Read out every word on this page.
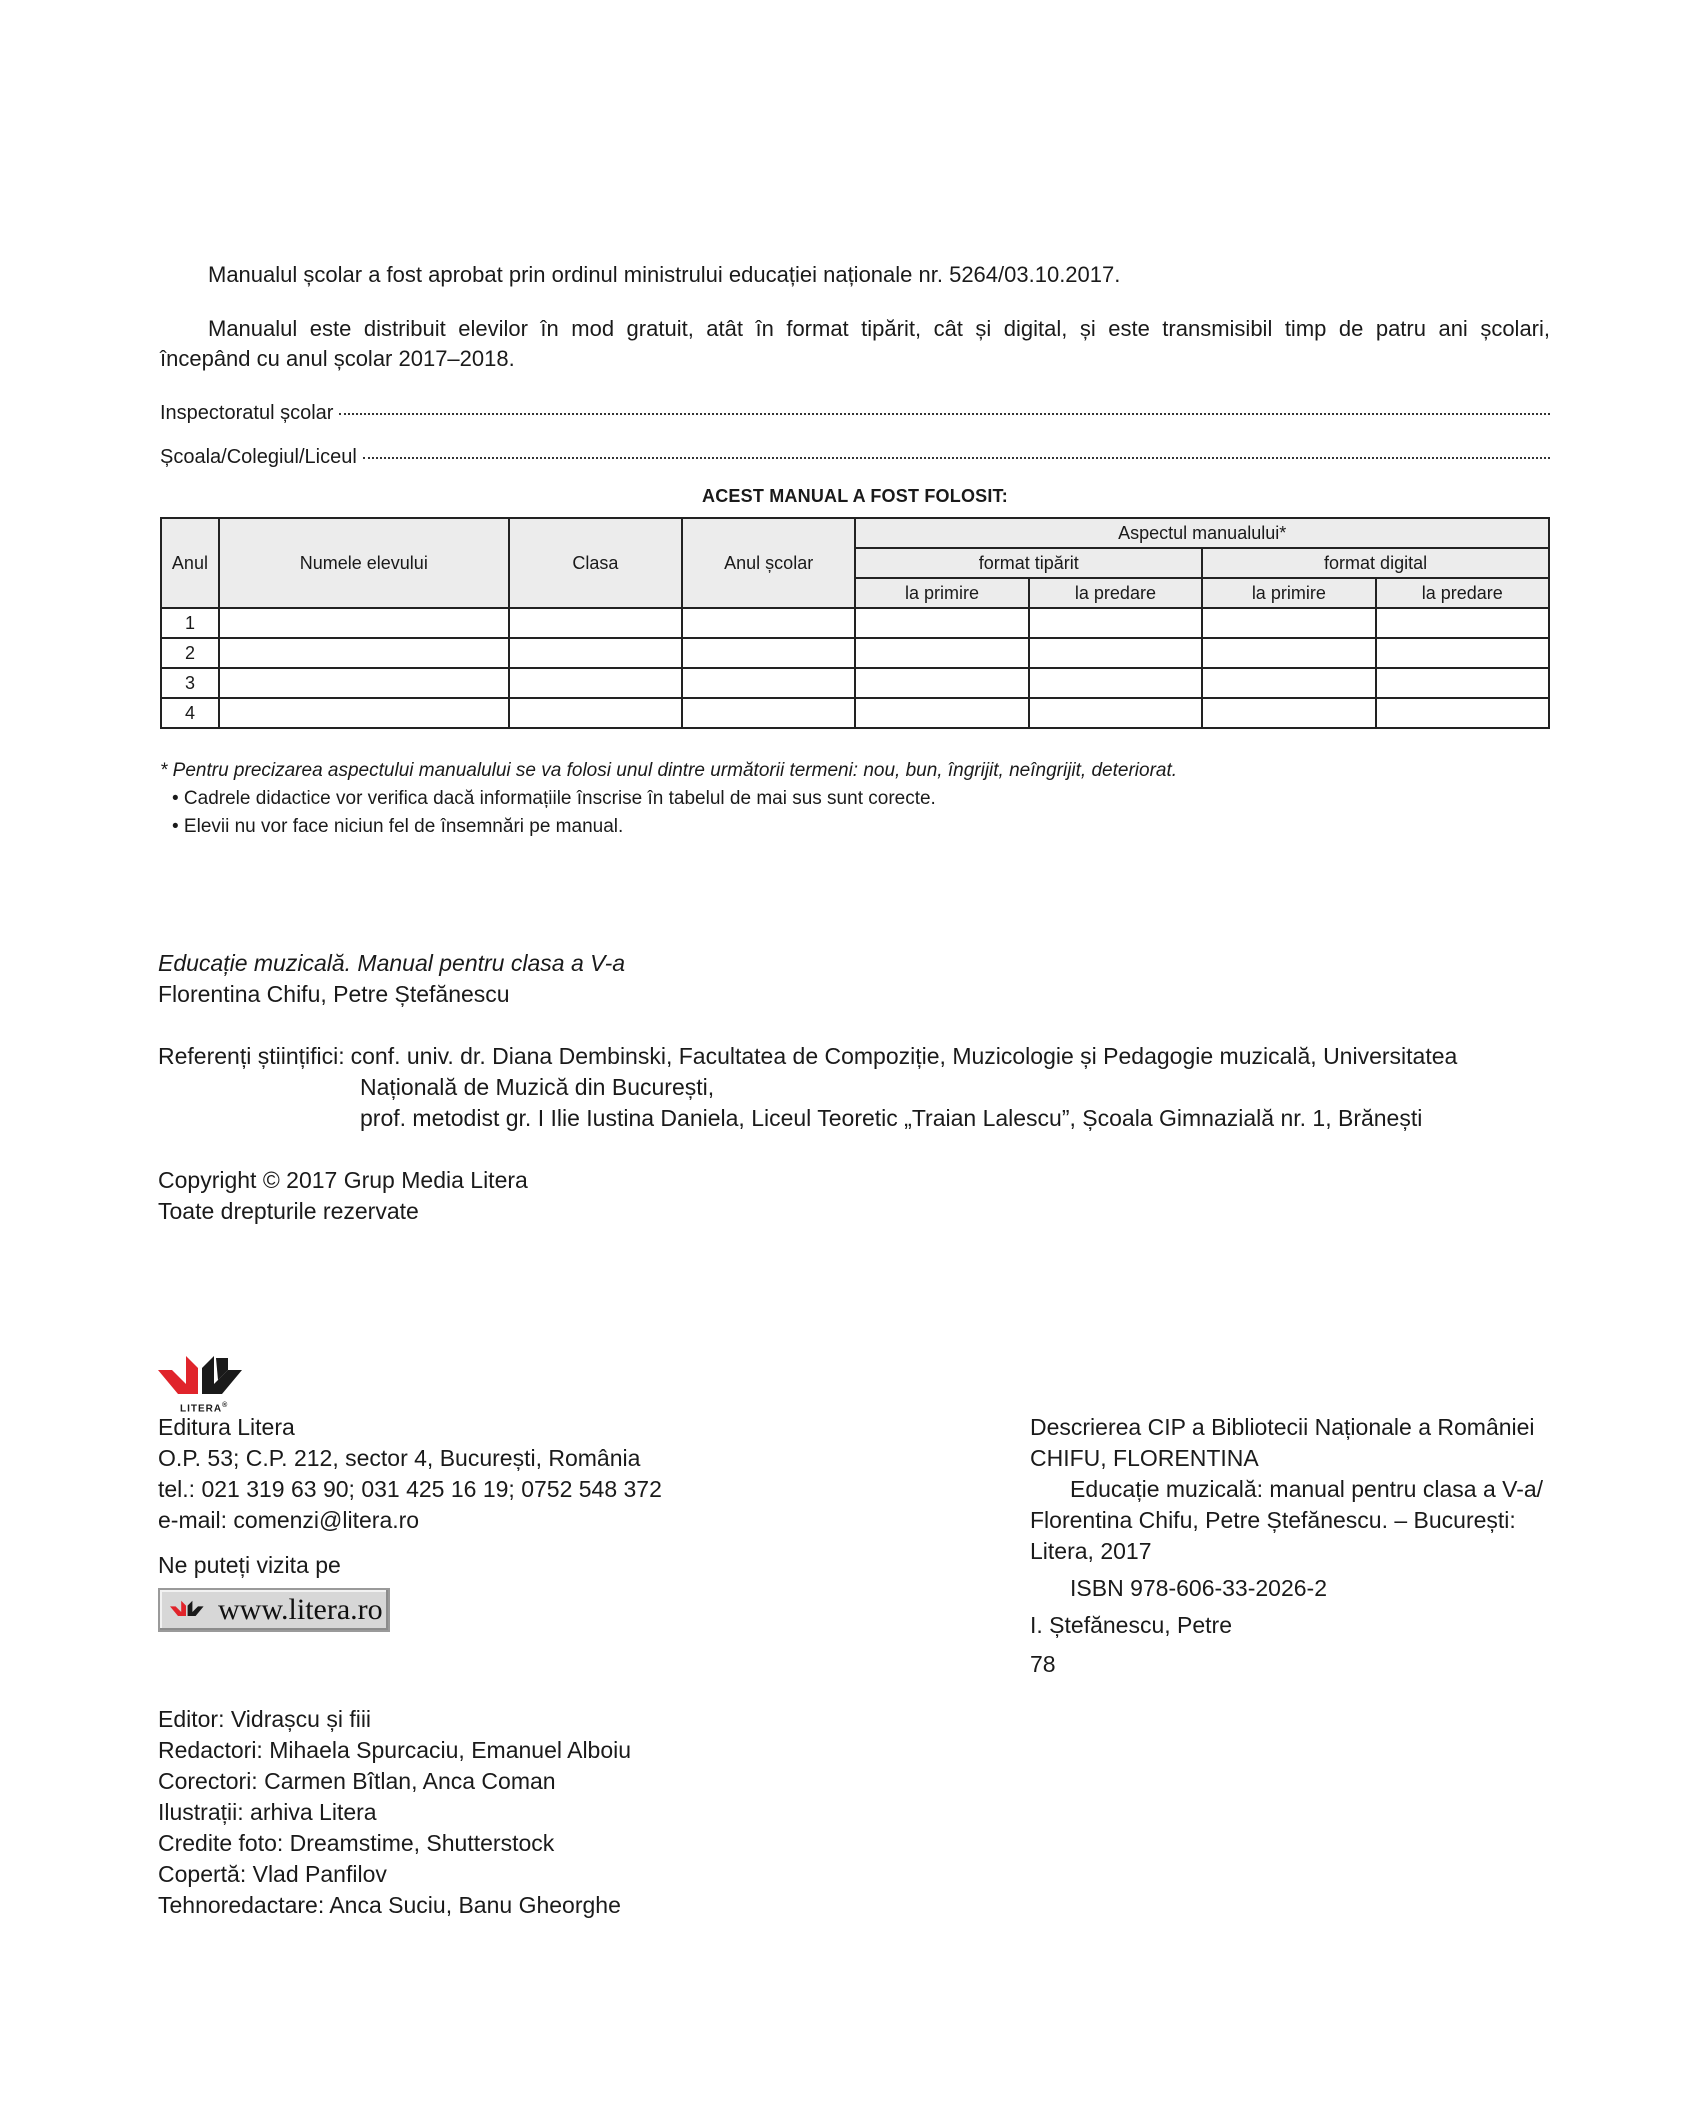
Manualul școlar a fost aprobat prin ordinul ministrului educației naționale nr. 5264/03.10.2017.
Manualul este distribuit elevilor în mod gratuit, atât în format tipărit, cât și digital, și este transmisibil timp de patru ani școlari,
începând cu anul școlar 2017–2018.
Inspectoratul școlar
Școala/Colegiul/Liceul
ACEST MANUAL A FOST FOLOSIT:
Anul	Numele elevului	Clasa	Anul școlar	Aspectul manualului*			
				format tipărit		format digital	
				la primire	la predare	la primire	la predare
1							
2							
3							
4							
* Pentru precizarea aspectului manualului se va folosi unul dintre următorii termeni: nou, bun, îngrijit, neîngrijit, deteriorat.
• Cadrele didactice vor verifica dacă informațiile înscrise în tabelul de mai sus sunt corecte.
• Elevii nu vor face niciun fel de însemnări pe manual.
Educație muzicală. Manual pentru clasa a V-a
Florentina Chifu, Petre Ștefănescu
Referenți științifici: conf. univ. dr. Diana Dembinski, Facultatea de Compoziție, Muzicologie și Pedagogie muzicală, Universitatea
Națională de Muzică din București,
prof. metodist gr. I Ilie Iustina Daniela, Liceul Teoretic „Traian Lalescu”, Școala Gimnazială nr. 1, Brănești
Copyright © 2017 Grup Media Litera
Toate drepturile rezervate
LITERA®
Editura Litera
O.P. 53; C.P. 212, sector 4, București, România
tel.: 021 319 63 90; 031 425 16 19; 0752 548 372
e-mail: comenzi@litera.ro
Ne puteți vizita pe
www.litera.ro
Descrierea CIP a Bibliotecii Naționale a României
CHIFU, FLORENTINA
Educație muzicală: manual pentru clasa a V-a/
Florentina Chifu, Petre Ștefănescu. – București:
Litera, 2017
ISBN 978-606-33-2026-2
I. Ștefănescu, Petre
78
Editor: Vidrașcu și fiii
Redactori: Mihaela Spurcaciu, Emanuel Alboiu
Corectori: Carmen Bîtlan, Anca Coman
Ilustrații: arhiva Litera
Credite foto: Dreamstime, Shutterstock
Copertă: Vlad Panfilov
Tehnoredactare: Anca Suciu, Banu Gheorghe
